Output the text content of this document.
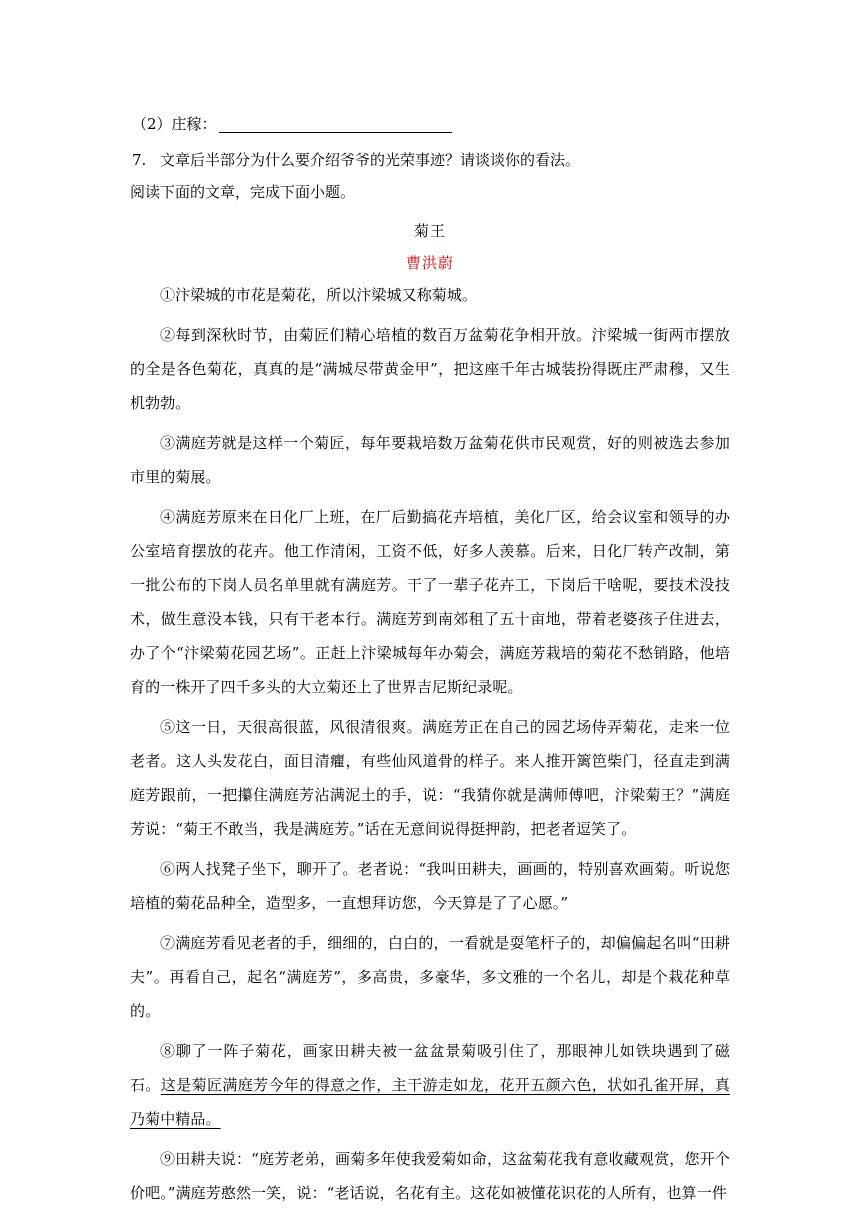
（2）庄稼：
7. 文章后半部分为什么要介绍爷爷的光荣事迹？请谈谈你的看法。
阅读下面的文章，完成下面小题。
菊王
曹洪蔚

①汴梁城的市花是菊花，所以汴梁城又称菊城。

②每到深秋时节，由菊匠们精心培植的数百万盆菊花争相开放。汴梁城一街两市摆放的全是各色菊花，真真的是“满城尽带黄金甲”，把这座千年古城装扮得既庄严肃穆，又生机勃勃。

③满庭芳就是这样一个菊匠，每年要栽培数万盆菊花供市民观赏，好的则被选去参加市里的菊展。

④满庭芳原来在日化厂上班，在厂后勤搞花卉培植，美化厂区，给会议室和领导的办公室培育摆放的花卉。他工作清闲，工资不低，好多人羡慕。后来，日化厂转产改制，第一批公布的下岗人员名单里就有满庭芳。干了一辈子花卉工，下岗后干啥呢，要技术没技术，做生意没本钱，只有干老本行。满庭芳到南郊租了五十亩地，带着老婆孩子住进去，办了个“汴梁菊花园艺场”。正赶上汴梁城每年办菊会，满庭芳栽培的菊花不愁销路，他培育的一株开了四千多头的大立菊还上了世界吉尼斯纪录呢。

⑤这一日，天很高很蓝，风很清很爽。满庭芳正在自己的园艺场侍弄菊花，走来一位老者。这人头发花白，面目清癯，有些仙风道骨的样子。来人推开篱笆柴门，径直走到满庭芳跟前，一把攥住满庭芳沾满泥土的手，说：“我猜你就是满师傅吧，汴梁菊王？”满庭芳说：“菊王不敢当，我是满庭芳。”话在无意间说得挺押韵，把老者逗笑了。

⑥两人找凳子坐下，聊开了。老者说：“我叫田耕夫，画画的，特别喜欢画菊。听说您培植的菊花品种全，造型多，一直想拜访您，今天算是了了心愿。”

⑦满庭芳看见老者的手，细细的，白白的，一看就是耍笔杆子的，却偏偏起名叫“田耕夫”。再看自己，起名“满庭芳”，多高贵，多豪华，多文雅的一个名儿，却是个栽花种草的。

⑧聊了一阵子菊花，画家田耕夫被一盆盆景菊吸引住了，那眼神儿如铁块遇到了磁石。这是菊匠满庭芳今年的得意之作，主干游走如龙，花开五颜六色，状如孔雀开屏，真乃菊中精品。

⑨田耕夫说：“庭芳老弟，画菊多年使我爱菊如命，这盆菊花我有意收藏观赏，您开个价吧。”满庭芳憨然一笑，说：“老话说，名花有主。这花如被懂花识花的人所有，也算一件
